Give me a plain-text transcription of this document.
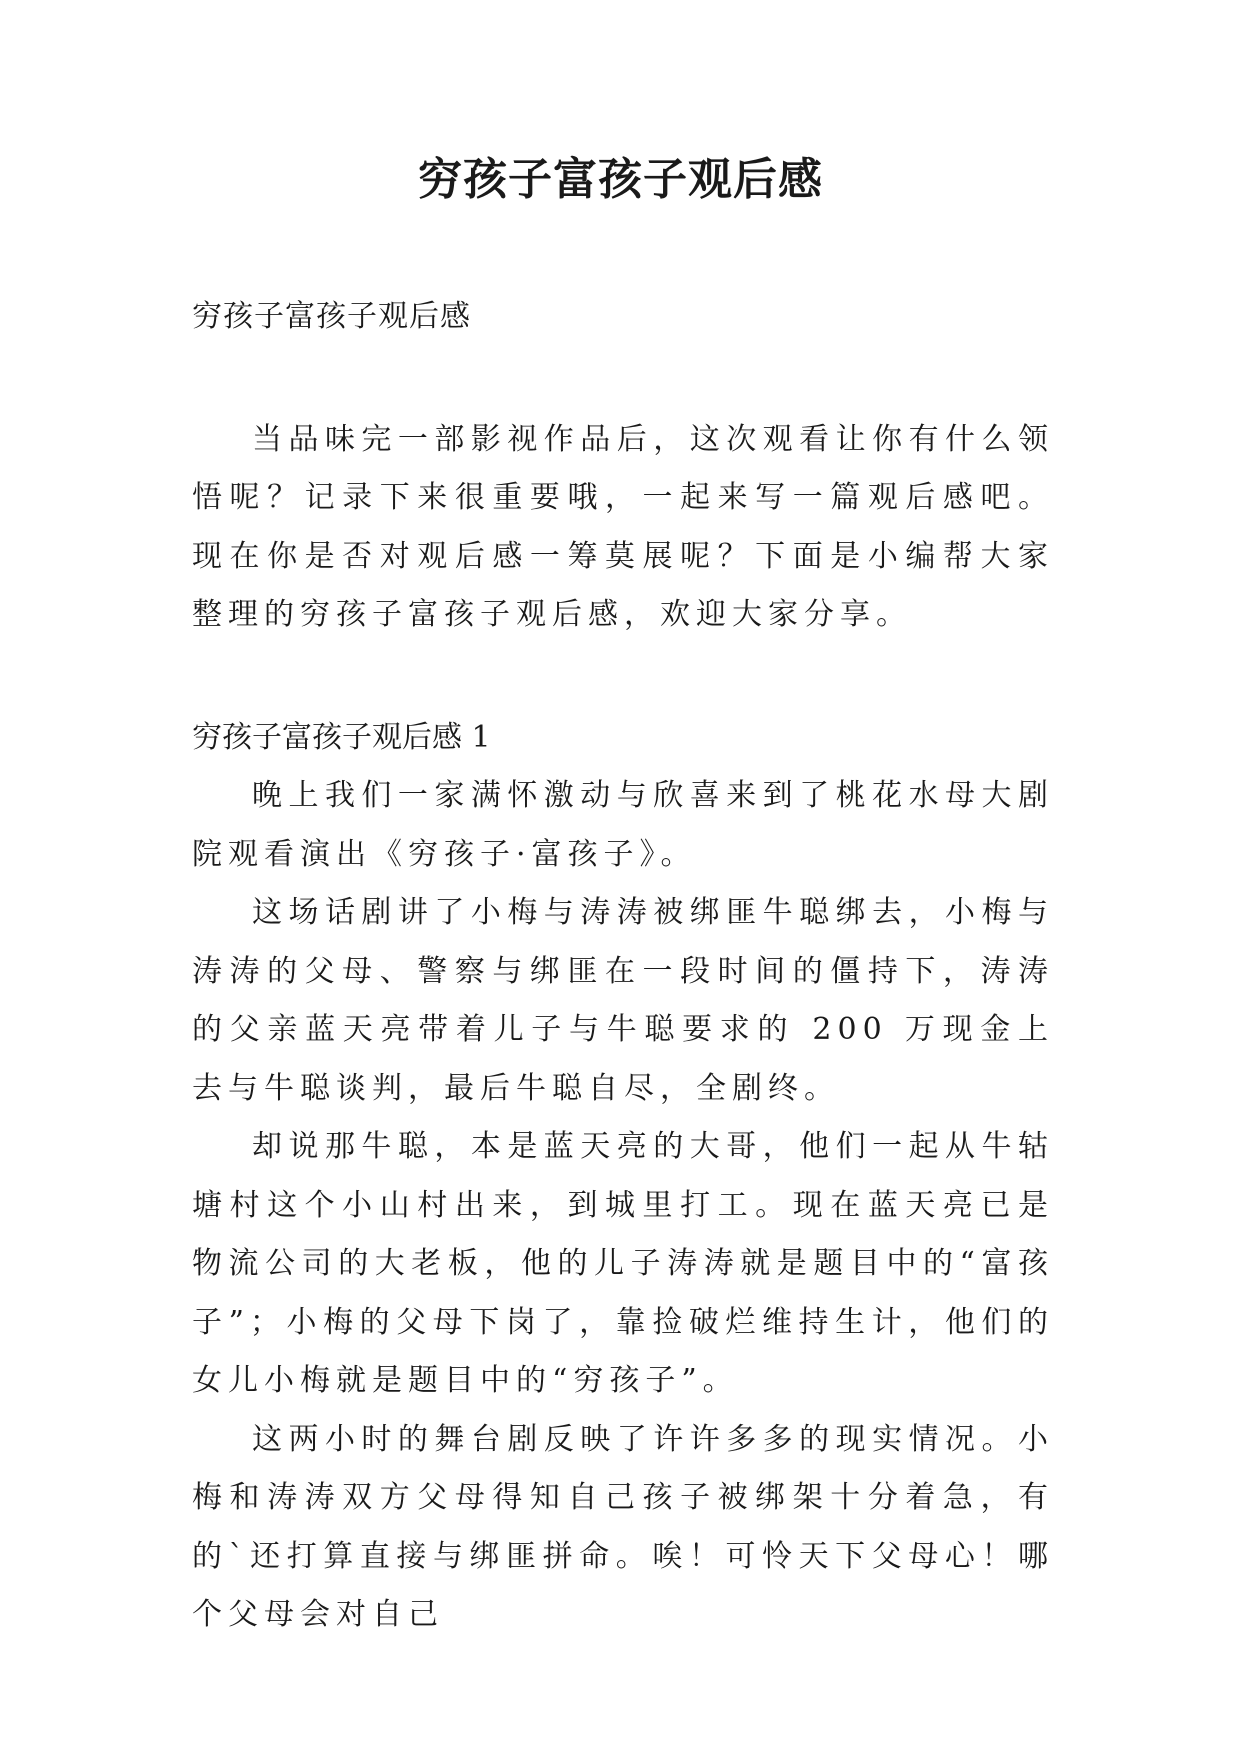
穷孩子富孩子观后感

穷孩子富孩子观后感

当品味完一部影视作品后，这次观看让你有什么领悟呢？记录下来很重要哦，一起来写一篇观后感吧。现在你是否对观后感一筹莫展呢？下面是小编帮大家整理的穷孩子富孩子观后感，欢迎大家分享。

穷孩子富孩子观后感 1

晚上我们一家满怀激动与欣喜来到了桃花水母大剧院观看演出《穷孩子·富孩子》。

这场话剧讲了小梅与涛涛被绑匪牛聪绑去，小梅与涛涛的父母、警察与绑匪在一段时间的僵持下，涛涛的父亲蓝天亮带着儿子与牛聪要求的 200 万现金上去与牛聪谈判，最后牛聪自尽，全剧终。

却说那牛聪，本是蓝天亮的大哥，他们一起从牛轱塘村这个小山村出来，到城里打工。现在蓝天亮已是物流公司的大老板，他的儿子涛涛就是题目中的“富孩子”；小梅的父母下岗了，靠捡破烂维持生计，他们的女儿小梅就是题目中的“穷孩子”。

这两小时的舞台剧反映了许许多多的现实情况。小梅和涛涛双方父母得知自己孩子被绑架十分着急，有的`还打算直接与绑匪拼命。唉！可怜天下父母心！哪个父母会对自己
